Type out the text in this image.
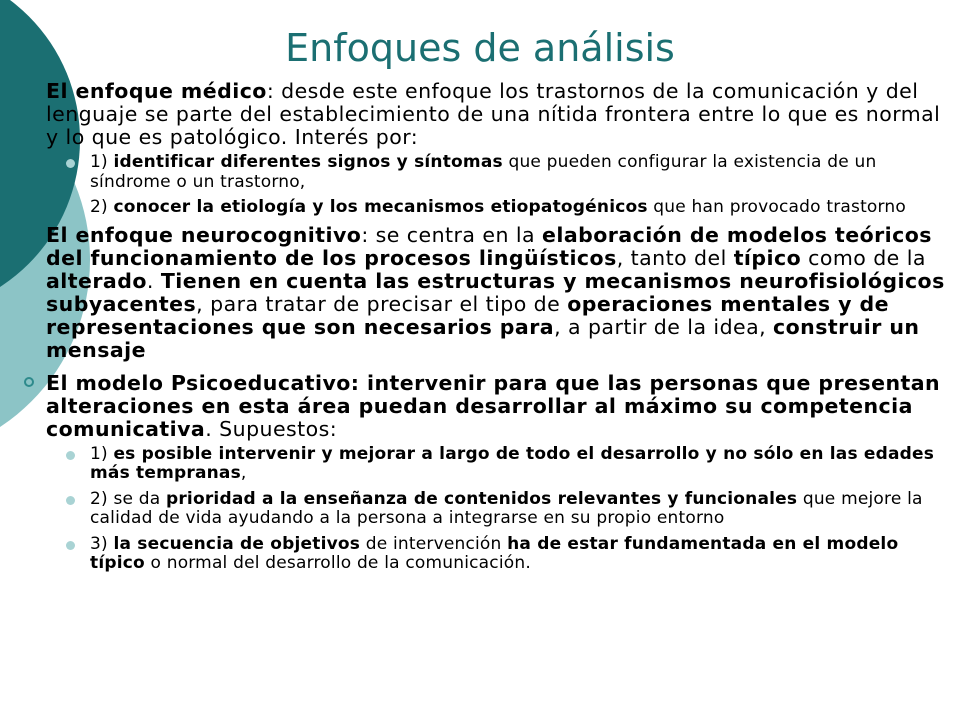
Enfoques de análisis
El enfoque médico: desde este enfoque los trastornos de la comunicación y del lenguaje se parte del establecimiento de una nítida frontera entre lo que es normal y lo que es patológico. Interés por:
1) identificar diferentes signos y síntomas que pueden configurar la existencia de un síndrome o un trastorno,
2) conocer la etiología y los mecanismos etiopatogénicos que han provocado trastorno
El enfoque neurocognitivo: se centra en la elaboración de modelos teóricos del funcionamiento de los procesos lingüísticos, tanto del típico como de la alterado. Tienen en cuenta las estructuras y mecanismos neurofisiológicos subyacentes, para tratar de precisar el tipo de operaciones mentales y de representaciones que son necesarios para, a partir de la idea, construir un mensaje
El modelo Psicoeducativo: intervenir para que las personas que presentan alteraciones en esta área puedan desarrollar al máximo su competencia comunicativa. Supuestos:
1) es posible intervenir y mejorar a largo de todo el desarrollo y no sólo en las edades más tempranas,
2) se da prioridad a la enseñanza de contenidos relevantes y funcionales que mejore la calidad de vida ayudando a la persona a integrarse en su propio entorno
3) la secuencia de objetivos de intervención ha de estar fundamentada en el modelo típico o normal del desarrollo de la comunicación.
